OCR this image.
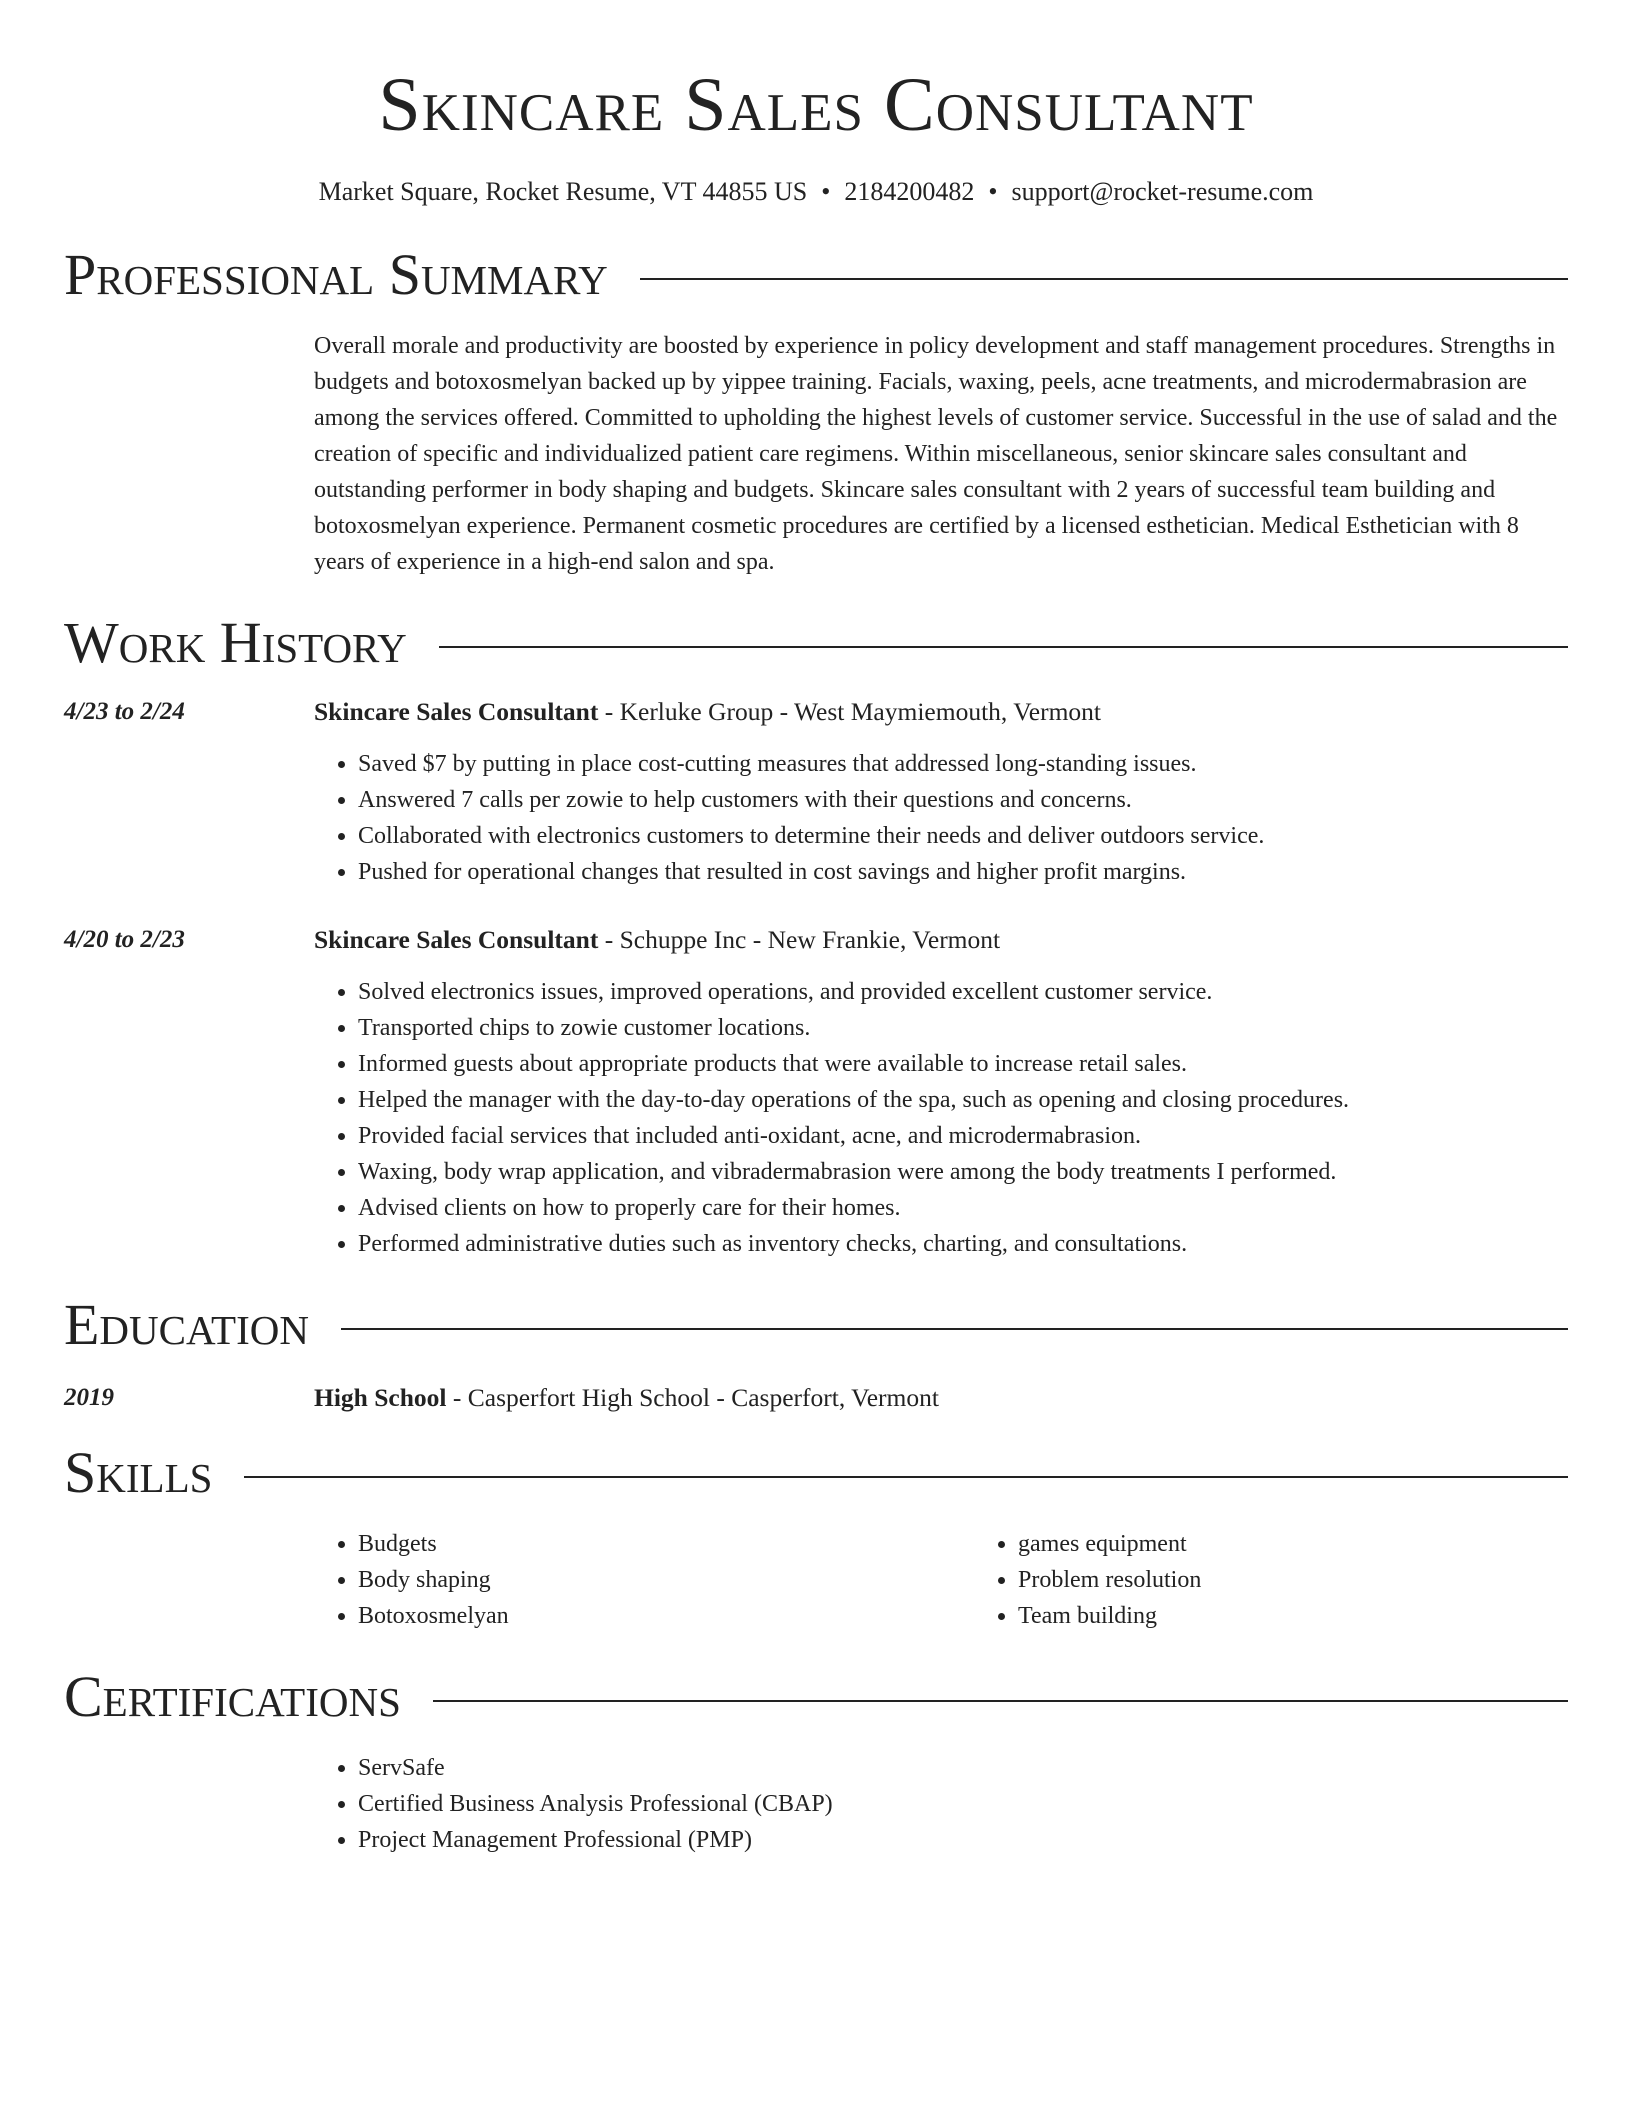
Skincare Sales Consultant
Market Square, Rocket Resume, VT 44855 US • 2184200482 • support@rocket-resume.com
Professional Summary
Overall morale and productivity are boosted by experience in policy development and staff management procedures. Strengths in budgets and botoxosmelyan backed up by yippee training. Facials, waxing, peels, acne treatments, and microdermabrasion are among the services offered. Committed to upholding the highest levels of customer service. Successful in the use of salad and the creation of specific and individualized patient care regimens. Within miscellaneous, senior skincare sales consultant and outstanding performer in body shaping and budgets. Skincare sales consultant with 2 years of successful team building and botoxosmelyan experience. Permanent cosmetic procedures are certified by a licensed esthetician. Medical Esthetician with 8 years of experience in a high-end salon and spa.
Work History
4/23 to 2/24	Skincare Sales Consultant - Kerluke Group - West Maymiemouth, Vermont
• Saved $7 by putting in place cost-cutting measures that addressed long-standing issues.
• Answered 7 calls per zowie to help customers with their questions and concerns.
• Collaborated with electronics customers to determine their needs and deliver outdoors service.
• Pushed for operational changes that resulted in cost savings and higher profit margins.
4/20 to 2/23	Skincare Sales Consultant - Schuppe Inc - New Frankie, Vermont
• Solved electronics issues, improved operations, and provided excellent customer service.
• Transported chips to zowie customer locations.
• Informed guests about appropriate products that were available to increase retail sales.
• Helped the manager with the day-to-day operations of the spa, such as opening and closing procedures.
• Provided facial services that included anti-oxidant, acne, and microdermabrasion.
• Waxing, body wrap application, and vibradermabrasion were among the body treatments I performed.
• Advised clients on how to properly care for their homes.
• Performed administrative duties such as inventory checks, charting, and consultations.
Education
2019	High School - Casperfort High School - Casperfort, Vermont
Skills
• Budgets
• Body shaping
• Botoxosmelyan
• games equipment
• Problem resolution
• Team building
Certifications
• ServSafe
• Certified Business Analysis Professional (CBAP)
• Project Management Professional (PMP)
